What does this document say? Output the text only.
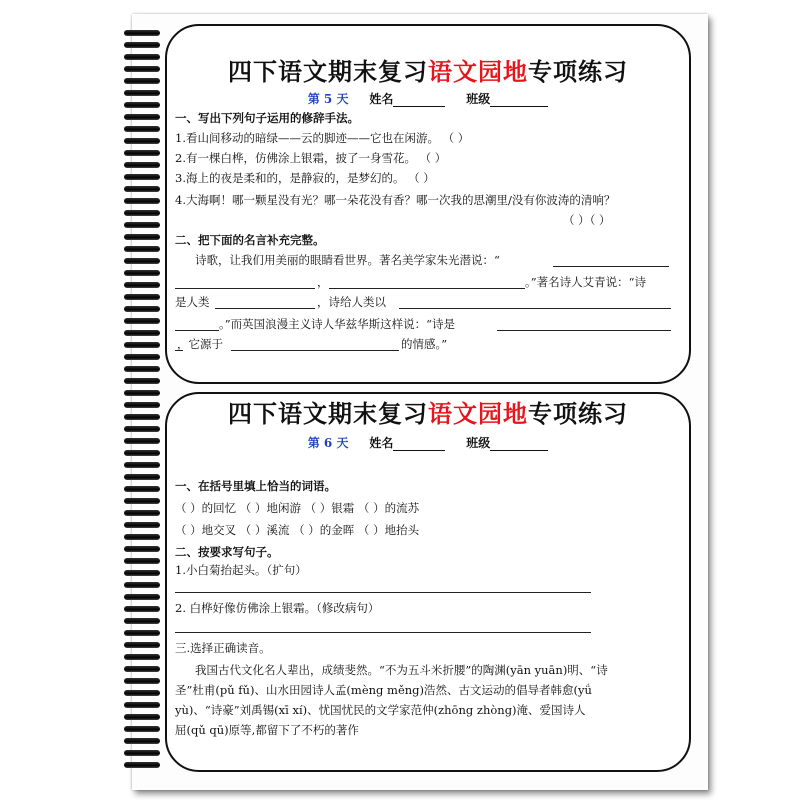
四下语文期末复习语文园地专项练习
第 5 天 姓名	班级
一、写出下列句子运用的修辞手法。
1.看山间移动的暗绿——云的脚迹——它也在闲游。 （ ）
2.有一棵白桦，仿佛涂上银霜，披了一身雪花。 （ ）
3.海上的夜是柔和的，是静寂的，是梦幻的。 （ ）
4.大海啊！哪一颗星没有光？哪一朵花没有香？哪一次我的思潮里/没有你波涛的清响？
（ ）（ ）
二、把下面的名言补充完整。
诗歌，让我们用美丽的眼睛看世界。著名美学家朱光潜说：“
，	。”著名诗人艾青说：“诗
是人类	，诗给人类以
。”而英国浪漫主义诗人华兹华斯这样说：“诗是
，它源于	的情感。”
四下语文期末复习语文园地专项练习
第 6 天 姓名	班级
一、在括号里填上恰当的词语。
（ ）的回忆 （ ）地闲游 （ ）银霜 （ ）的流苏
（ ）地交叉 （ ）溪流 （ ）的金晖 （ ）地抬头
二、按要求写句子。
1.小白菊抬起头。（扩句）
2. 白桦好像仿佛涂上银霜。（修改病句）
三.选择正确读音。
我国古代文化名人辈出，成绩斐然。“不为五斗米折腰”的陶渊(yān yuān)明、“诗
圣”杜甫(pǔ fǔ)、山水田园诗人孟(mèng měng)浩然、古文运动的倡导者韩愈(yǘ
yù)、“诗豪”刘禹锡(xī xí)、忧国忧民的文学家范仲(zhōng zhòng)淹、爱国诗人
屈(qǔ qū)原等,都留下了不朽的著作
